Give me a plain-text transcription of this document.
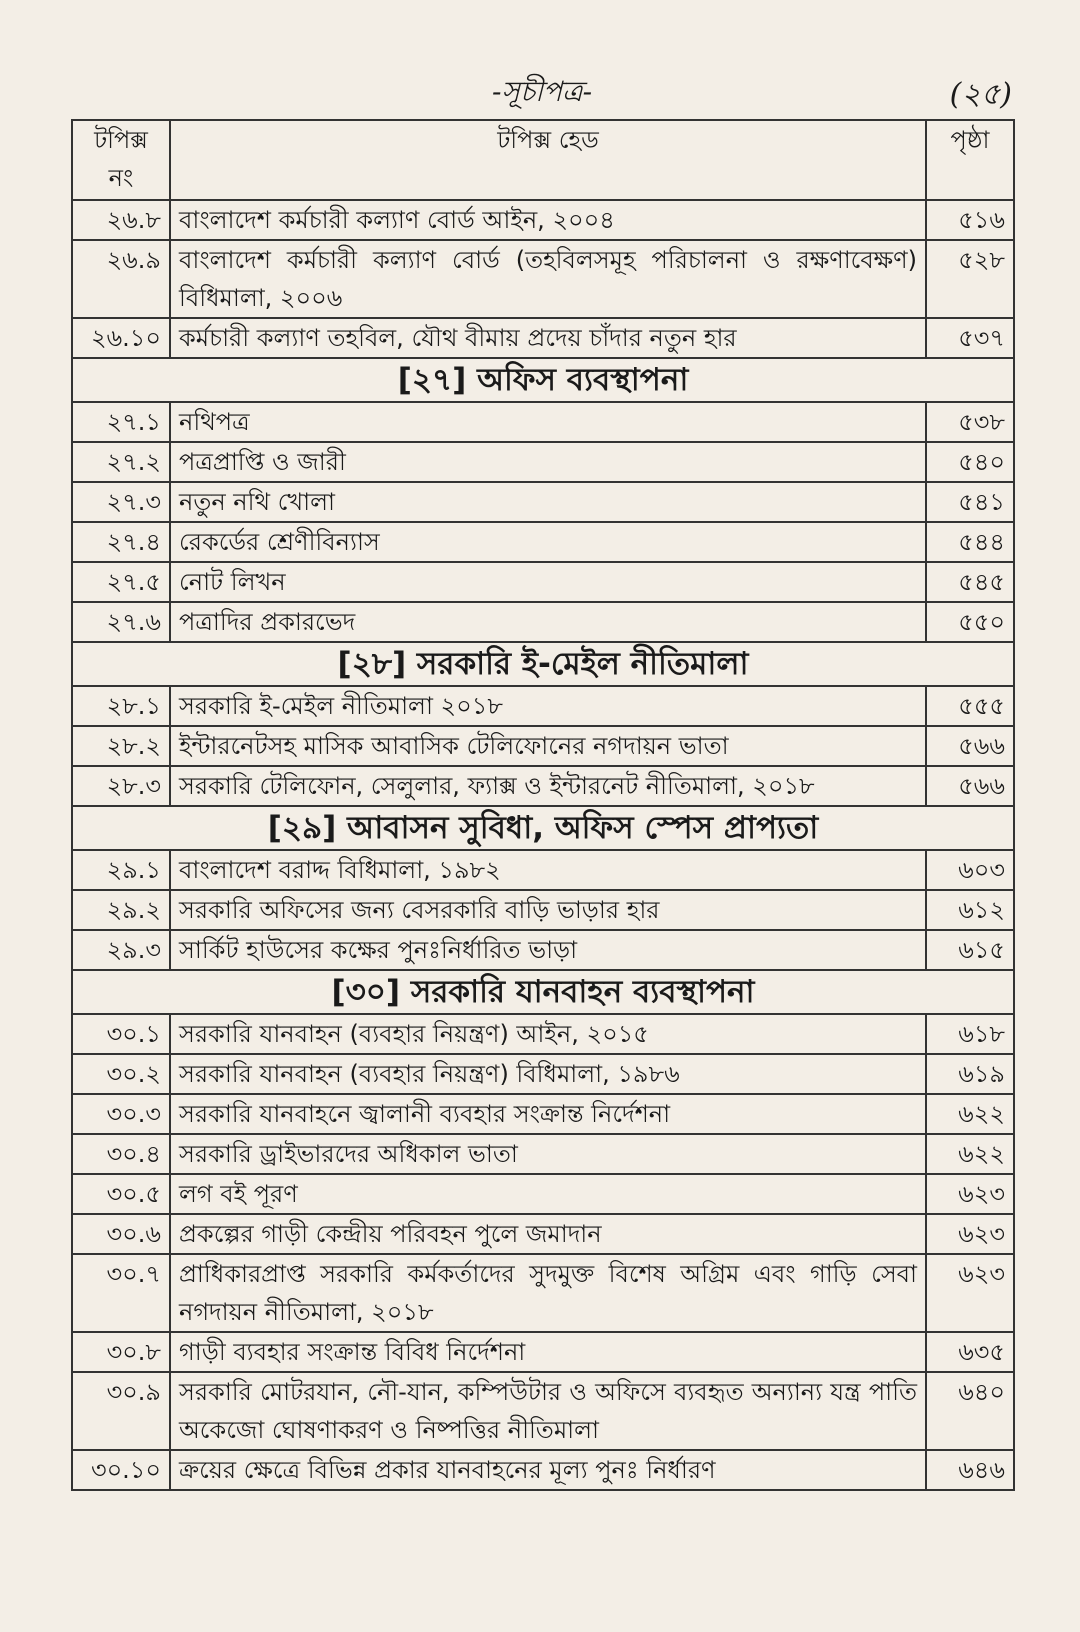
-সূচীপত্র-	(২৫)
টপিক্স নং	টপিক্স হেড	পৃষ্ঠা
২৬.৮	বাংলাদেশ কর্মচারী কল্যাণ বোর্ড আইন, ২০০৪	৫১৬
২৬.৯	বাংলাদেশ কর্মচারী কল্যাণ বোর্ড (তহবিলসমূহ পরিচালনা ও রক্ষণাবেক্ষণ) বিধিমালা, ২০০৬	৫২৮
২৬.১০	কর্মচারী কল্যাণ তহবিল, যৌথ বীমায় প্রদেয় চাঁদার নতুন হার	৫৩৭
[২৭] অফিস ব্যবস্থাপনা		
২৭.১	নথিপত্র	৫৩৮
২৭.২	পত্রপ্রাপ্তি ও জারী	৫৪০
২৭.৩	নতুন নথি খোলা	৫৪১
২৭.৪	রেকর্ডের শ্রেণীবিন্যাস	৫৪৪
২৭.৫	নোট লিখন	৫৪৫
২৭.৬	পত্রাদির প্রকারভেদ	৫৫০
[২৮] সরকারি ই-মেইল নীতিমালা		
২৮.১	সরকারি ই-মেইল নীতিমালা ২০১৮	৫৫৫
২৮.২	ইন্টারনেটসহ মাসিক আবাসিক টেলিফোনের নগদায়ন ভাতা	৫৬৬
২৮.৩	সরকারি টেলিফোন, সেলুলার, ফ্যাক্স ও ইন্টারনেট নীতিমালা, ২০১৮	৫৬৬
[২৯] আবাসন সুবিধা, অফিস স্পেস প্রাপ্যতা		
২৯.১	বাংলাদেশ বরাদ্দ বিধিমালা, ১৯৮২	৬০৩
২৯.২	সরকারি অফিসের জন্য বেসরকারি বাড়ি ভাড়ার হার	৬১২
২৯.৩	সার্কিট হাউসের কক্ষের পুনঃনির্ধারিত ভাড়া	৬১৫
[৩০] সরকারি যানবাহন ব্যবস্থাপনা		
৩০.১	সরকারি যানবাহন (ব্যবহার নিয়ন্ত্রণ) আইন, ২০১৫	৬১৮
৩০.২	সরকারি যানবাহন (ব্যবহার নিয়ন্ত্রণ) বিধিমালা, ১৯৮৬	৬১৯
৩০.৩	সরকারি যানবাহনে জ্বালানী ব্যবহার সংক্রান্ত নির্দেশনা	৬২২
৩০.৪	সরকারি ড্রাইভারদের অধিকাল ভাতা	৬২২
৩০.৫	লগ বই পূরণ	৬২৩
৩০.৬	প্রকল্পের গাড়ী কেন্দ্রীয় পরিবহন পুলে জমাদান	৬২৩
৩০.৭	প্রাধিকারপ্রাপ্ত সরকারি কর্মকর্তাদের সুদমুক্ত বিশেষ অগ্রিম এবং গাড়ি সেবা নগদায়ন নীতিমালা, ২০১৮	৬২৩
৩০.৮	গাড়ী ব্যবহার সংক্রান্ত বিবিধ নির্দেশনা	৬৩৫
৩০.৯	সরকারি মোটরযান, নৌ-যান, কম্পিউটার ও অফিসে ব্যবহৃত অন্যান্য যন্ত্র পাতি অকেজো ঘোষণাকরণ ও নিষ্পত্তির নীতিমালা	৬৪০
৩০.১০	ক্রয়ের ক্ষেত্রে বিভিন্ন প্রকার যানবাহনের মূল্য পুনঃ নির্ধারণ	৬৪৬
